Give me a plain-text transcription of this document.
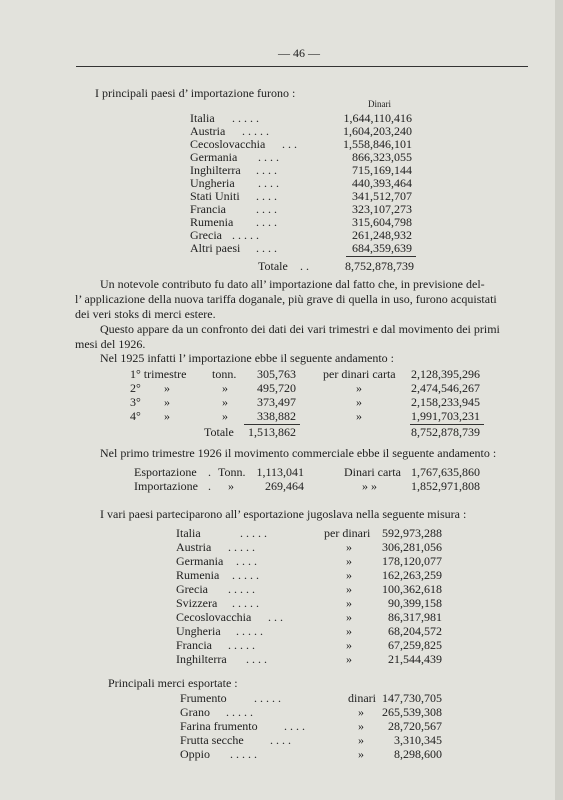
— 46 —
I principali paesi d’ importazione furono :
Dinari
Italia . . . . .	1,644,110,416
Austria . . . . .	1,604,203,240
Cecoslovacchia . . .	1,558,846,101
Germania . . . .	866,323,055
Inghilterra . . . .	715,169,144
Ungheria . . . .	440,393,464
Stati Uniti . . . .	341,512,707
Francia	. . . .	323,107,273
Rumenia . . . .	315,604,798
Grecia . . . . .	261,248,932
Altri paesi . . . .	684,359,639
Totale . .	8,752,878,739
Un notevole contributo fu dato all’ importazione dal fatto che, in previsione del-
l’ applicazione della nuova tariffa doganale, più grave di quella in uso, furono acquistati
dei veri stoks di merci estere.
Questo appare da un confronto dei dati dei vari trimestri e dal movimento dei primi
mesi del 1926.
Nel 1925 infatti l’ importazione ebbe il seguente andamento :
1° trimestre tonn.	305,763 per dinari carta	2,128,395,296
2° »	»	495,720	»	2,474,546,267
3° »	»	373,497	»	2,158,233,945
4° »	»	338,882	»	1,991,703,231
Totale	1,513,862	8,752,878,739
Nel primo trimestre 1926 il movimento commerciale ebbe il seguente andamento :
Esportazione . Tonn. 1,113,041	Dinari carta 1,767,635,860
Importazione . »	269,464	» »	1,852,971,808
I vari paesi parteciparono all’ esportazione jugoslava nella seguente misura :
Italia	. . . . .	per dinari 592,973,288
Austria . . . . .	»	306,281,056
Germania . . . .	»	178,120,077
Rumenia . . . . .	»	162,263,259
Grecia . . . . .	»	100,362,618
Svizzera . . . . .	»	90,399,158
Cecoslovacchia . . .	»	86,317,981
Ungheria . . . . .	»	68,204,572
Francia . . . . .	»	67,259,825
Inghilterra . . . .	»	21,544,439
Principali merci esportate :
Frumento . . . . .	dinari 147,730,705
Grano . . . . .	»	265,539,308
Farina frumento . . . .	»	28,720,567
Frutta secche . . . .	»	3,310,345
Oppio . . . . .	»	8,298,600
